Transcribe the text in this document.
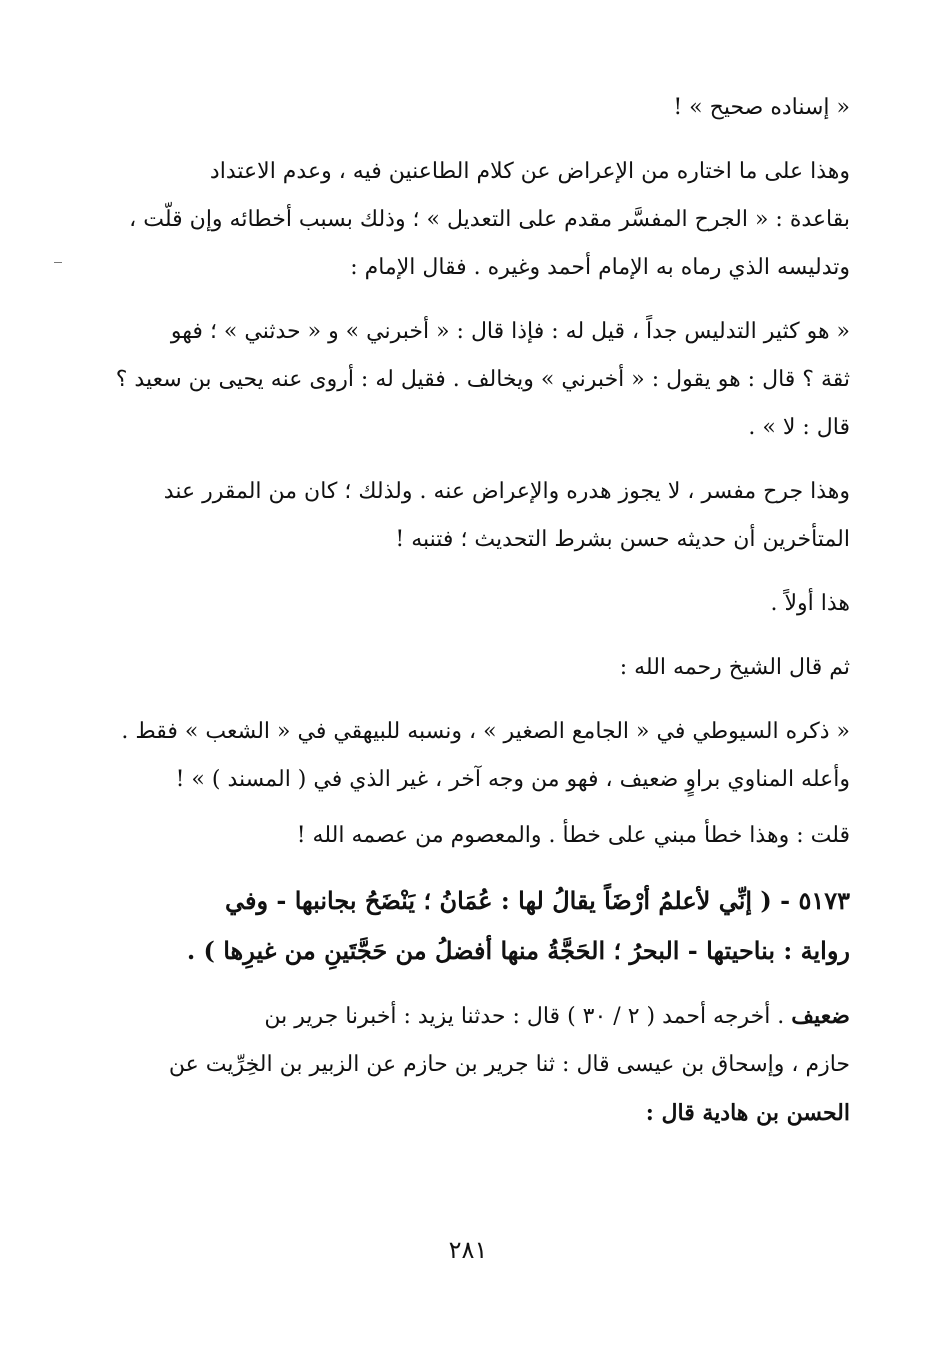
« إسناده صحيح » !

وهذا على ما اختاره من الإعراض عن كلام الطاعنين فيه ، وعدم الاعتداد
بقاعدة : « الجرح المفسَّر مقدم على التعديل » ؛ وذلك بسبب أخطائه وإن قلّت ،
وتدليسه الذي رماه به الإمام أحمد وغيره . فقال الإمام :

« هو كثير التدليس جداً ، قيل له : فإذا قال : « أخبرني » و « حدثني » ؛ فهو
ثقة ؟ قال : هو يقول : « أخبرني » ويخالف . فقيل له : أروى عنه يحيى بن سعيد ؟
قال : لا » .

وهذا جرح مفسر ، لا يجوز هدره والإعراض عنه . ولذلك ؛ كان من المقرر عند
المتأخرين أن حديثه حسن بشرط التحديث ؛ فتنبه !

هذا أولاً .

ثم قال الشيخ رحمه الله :

« ذكره السيوطي في « الجامع الصغير » ، ونسبه للبيهقي في « الشعب » فقط .
وأعله المناوي براوٍ ضعيف ، فهو من وجه آخر ، غير الذي في ( المسند ) » !

قلت : وهذا خطأ مبني على خطأ . والمعصوم من عصمه الله !

٥١٧٣ - ( إنِّي لأعلمُ أرْضَاً يقالُ لها : عُمَانُ ؛ يَنْضَحُ بجانبها - وفي
رواية : بناحيتها - البحرُ ؛ الحَجَّةُ منها أفضلُ من حَجَّتَينِ من غيرِها ) .

ضعيف . أخرجه أحمد ( ٢ / ٣٠ ) قال : حدثنا يزيد : أخبرنا جرير بن
حازم ، وإسحاق بن عيسى قال : ثنا جرير بن حازم عن الزبير بن الخِرِّيت عن
الحسن بن هادية قال :

٢٨١
